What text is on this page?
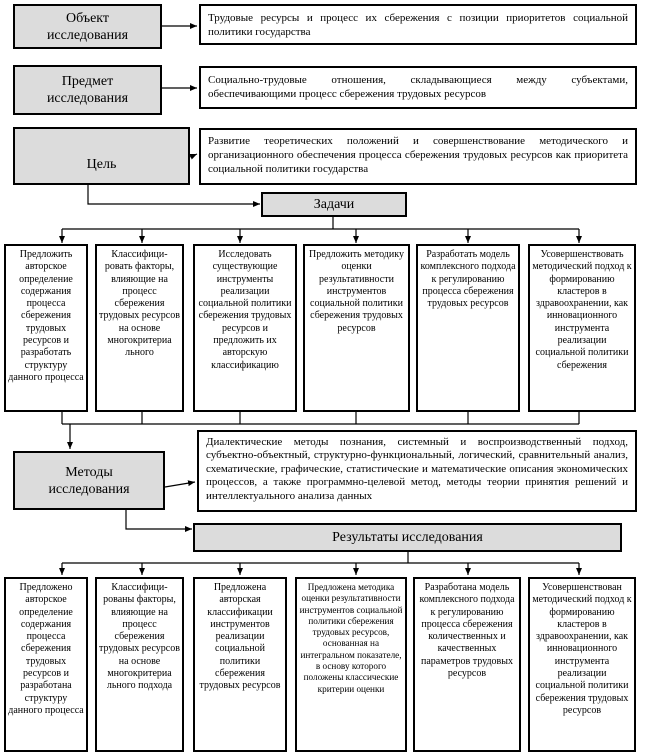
Объект
исследования
Трудовые ресурсы и процесс их сбережения с позиции приоритетов социальной политики государства
Предмет
исследования
Социально-трудовые отношения, складывающиеся между субъектами, обеспечивающими процесс сбережения трудовых ресурсов
Цель
Развитие теоретических положений и совершенствование методического и организационного обеспечения процесса сбережения трудовых ресурсов как приоритета социальной политики государства
Задачи
Предложить авторское определение содержания процесса сбережения трудовых ресурсов и разработать структуру данного процесса
Классифици-ровать факторы, влияющие на процесс сбережения трудовых ресурсов на основе многокритериа льного
Исследовать существующие инструменты реализации социальной политики сбережения трудовых ресурсов и предложить их авторскую классификацию
Предложить методику оценки результативности инструментов социальной политики сбережения трудовых ресурсов
Разработать модель комплексного подхода к регулированию процесса сбережения трудовых ресурсов
Усовершенствовать методический подход к формированию кластеров в здравоохранении, как инновационного инструмента реализации социальной политики сбережения
Методы
исследования
Диалектические методы познания, системный и воспроизводственный подход, субъектно-объектный, структурно-функциональный, логический, сравнительный анализ, схематические, графические, статистические и математические описания экономических процессов, а также программно-целевой метод, методы теории принятия решений и интеллектуального анализа данных
Результаты исследования
Предложено авторское определение содержания процесса сбережения трудовых ресурсов и разработана структуру данного процесса
Классифици-рованы факторы, влияющие на процесс сбережения трудовых ресурсов на основе многокритериа льного подхода
Предложена авторская классификации инструментов реализации социальной политики сбережения трудовых ресурсов
Предложена методика оценки результативности инструментов социальной политики сбережения трудовых ресурсов, основанная на интегральном показателе, в основу которого положены классические критерии оценки
Разработана модель комплексного подхода к регулированию процесса сбережения количественных и качественных параметров трудовых ресурсов
Усовершенствован методический подход к формированию кластеров в здравоохранении, как инновационного инструмента реализации социальной политики сбережения трудовых ресурсов
